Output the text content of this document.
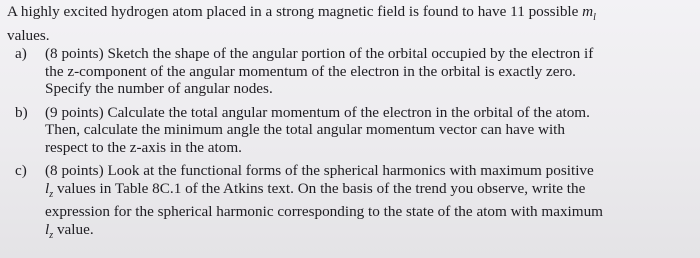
A highly excited hydrogen atom placed in a strong magnetic field is found to have 11 possible $m_l$
values.

a)	(8 points) Sketch the shape of the angular portion of the orbital occupied by the electron if
the z-component of the angular momentum of the electron in the orbital is exactly zero.
Specify the number of angular nodes.
b)	(9 points) Calculate the total angular momentum of the electron in the orbital of the atom.
Then, calculate the minimum angle the total angular momentum vector can have with
respect to the z-axis in the atom.
c)	(8 points) Look at the functional forms of the spherical harmonics with maximum positive
$l_z$ values in Table 8C.1 of the Atkins text. On the basis of the trend you observe, write the
expression for the spherical harmonic corresponding to the state of the atom with maximum
$l_z$ value.
